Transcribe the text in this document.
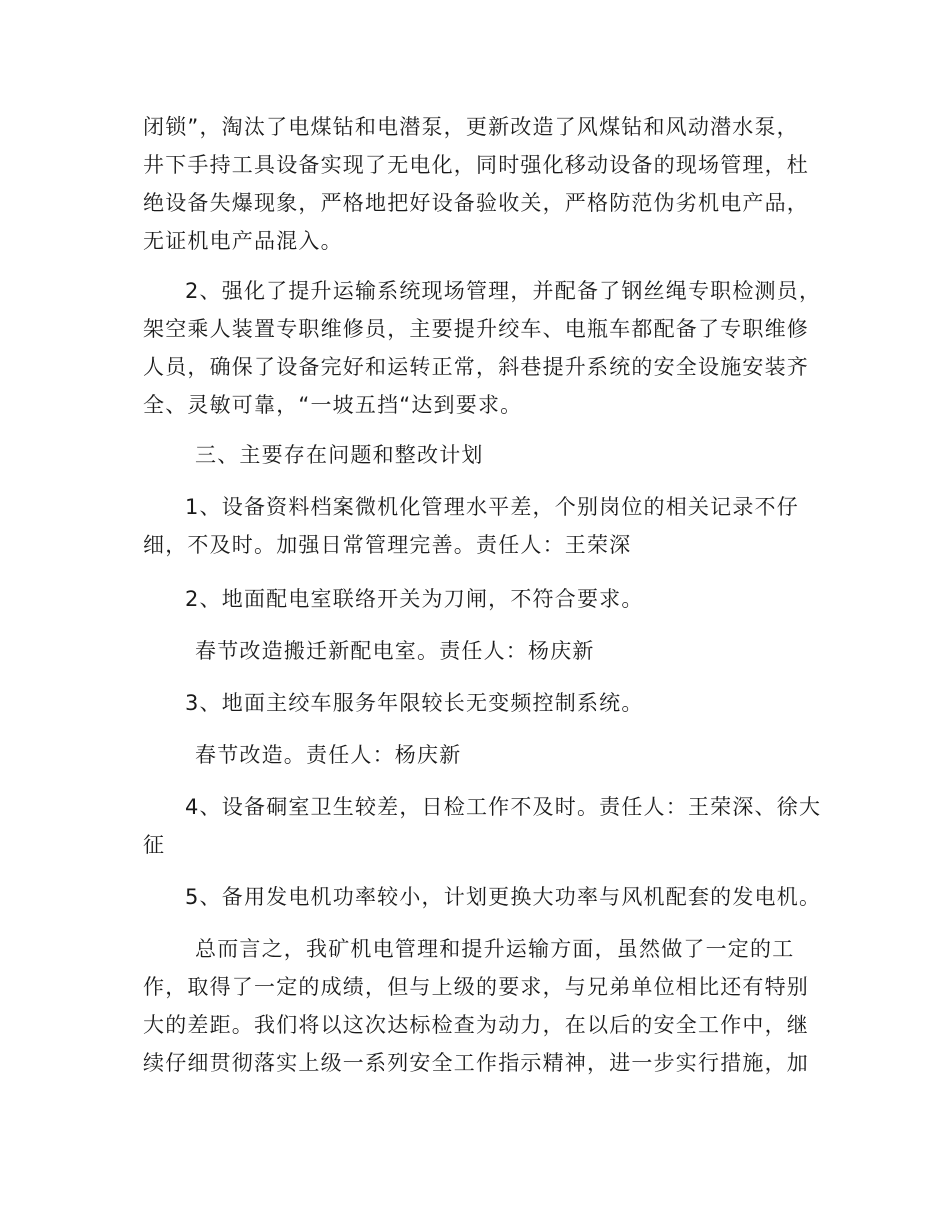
闭锁”，淘汰了电煤钻和电潜泵，更新改造了风煤钻和风动潜水泵，
井下手持工具设备实现了无电化，同时强化移动设备的现场管理，杜
绝设备失爆现象，严格地把好设备验收关，严格防范伪劣机电产品，
无证机电产品混入。
2、强化了提升运输系统现场管理，并配备了钢丝绳专职检测员，
架空乘人装置专职维修员，主要提升绞车、电瓶车都配备了专职维修
人员，确保了设备完好和运转正常，斜巷提升系统的安全设施安装齐
全、灵敏可靠，“一坡五挡“达到要求。
三、主要存在问题和整改计划
1、设备资料档案微机化管理水平差，个别岗位的相关记录不仔
细，不及时。加强日常管理完善。责任人：王荣深
2、地面配电室联络开关为刀闸，不符合要求。
春节改造搬迁新配电室。责任人：杨庆新
3、地面主绞车服务年限较长无变频控制系统。
春节改造。责任人：杨庆新
4、设备硐室卫生较差，日检工作不及时。责任人：王荣深、徐大
征
5、备用发电机功率较小，计划更换大功率与风机配套的发电机。
总而言之，我矿机电管理和提升运输方面，虽然做了一定的工
作，取得了一定的成绩，但与上级的要求，与兄弟单位相比还有特别
大的差距。我们将以这次达标检查为动力，在以后的安全工作中，继
续仔细贯彻落实上级一系列安全工作指示精神，进一步实行措施，加
